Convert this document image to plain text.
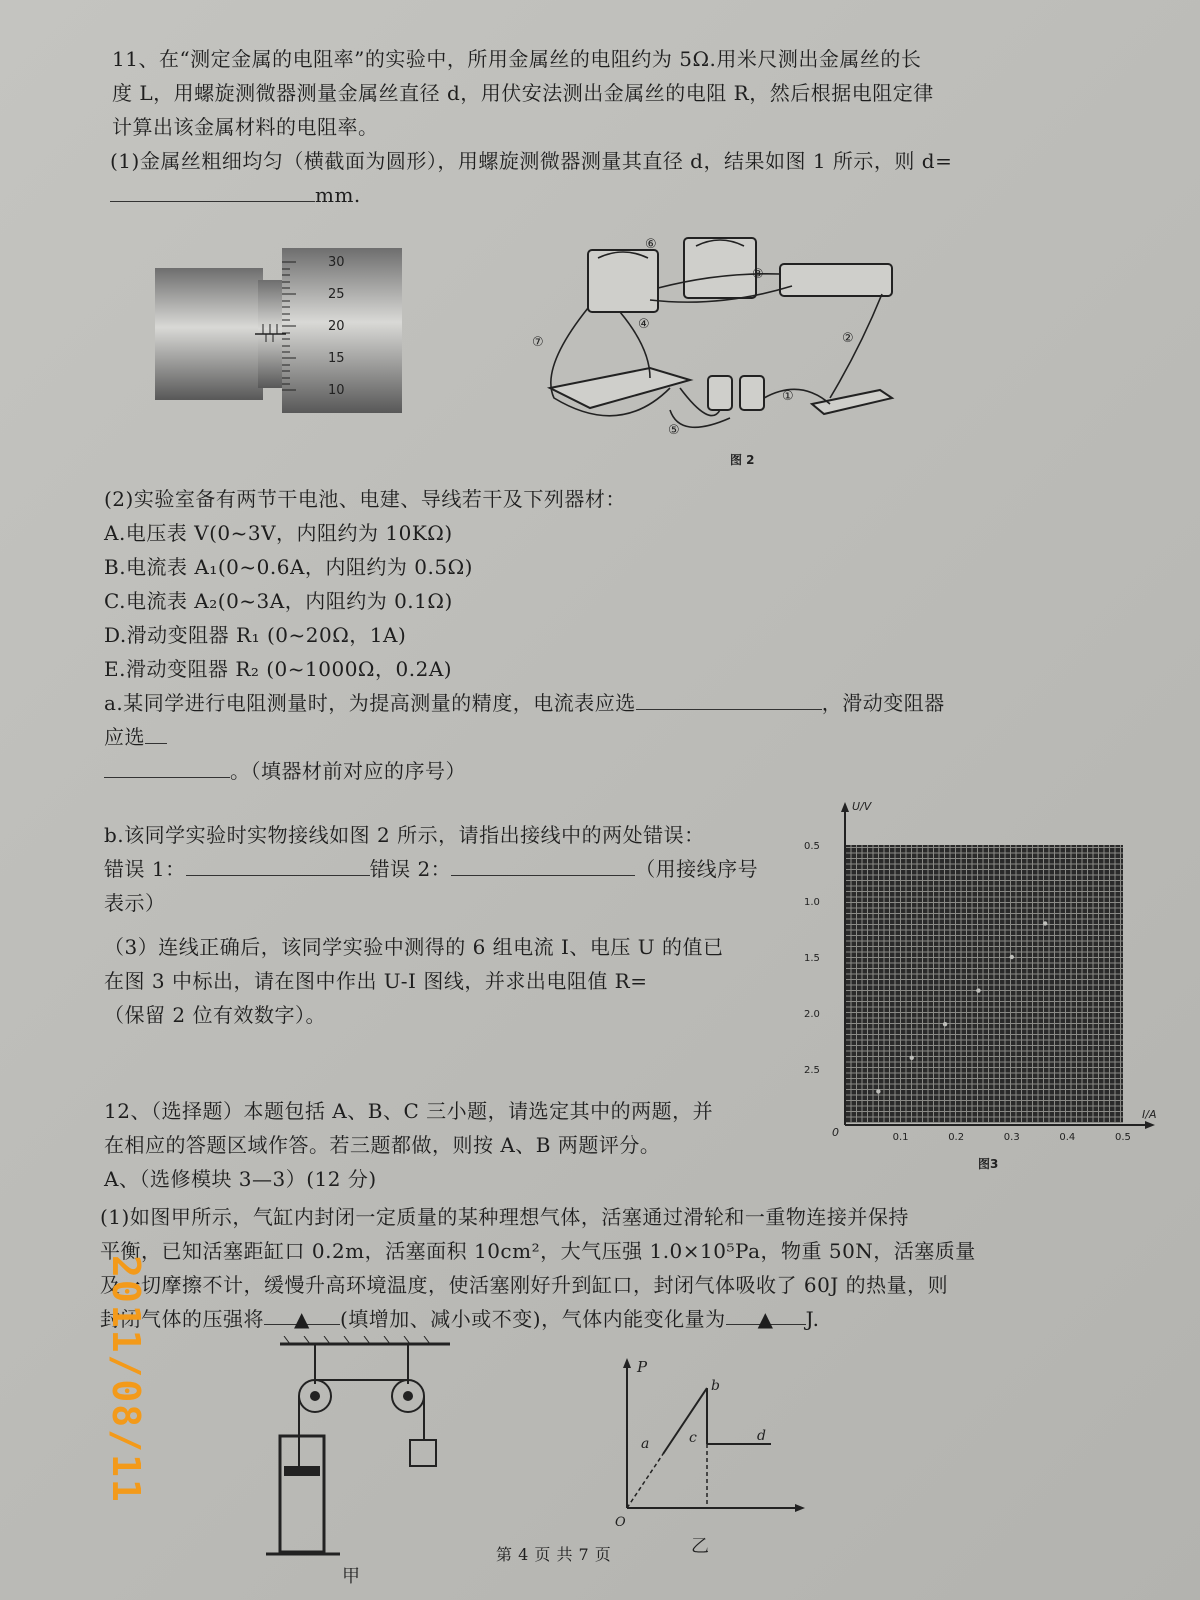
11、在“测定金属的电阻率”的实验中，所用金属丝的电阻约为 5Ω.用米尺测出金属丝的长
度 L，用螺旋测微器测量金属丝直径 d，用伏安法测出金属丝的电阻 R，然后根据电阻定律
计算出该金属材料的电阻率。
(1)金属丝粗细均匀（横截面为圆形），用螺旋测微器测量其直径 d，结果如图 1 所示，则 d=
mm.
30
25
20
15
10
⑥
③
⑦
④
②
①
⑤
图 2
(2)实验室备有两节干电池、电建、导线若干及下列器材：
A.电压表 V(0~3V，内阻约为 10KΩ)
B.电流表 A₁(0~0.6A，内阻约为 0.5Ω)
C.电流表 A₂(0~3A，内阻约为 0.1Ω)
D.滑动变阻器 R₁ (0~20Ω，1A)
E.滑动变阻器 R₂ (0~1000Ω，0.2A)
a.某同学进行电阻测量时，为提高测量的精度，电流表应选	，滑动变阻器
应选
。（填器材前对应的序号）
b.该同学实验时实物接线如图 2 所示，请指出接线中的两处错误：
错误 1：	错误 2：	（用接线序号
表示）
（3）连线正确后，该同学实验中测得的 6 组电流 I、电压 U 的值已
在图 3 中标出，请在图中作出 U-I 图线，并求出电阻值 R=
（保留 2 位有效数字）。
U/V
I/A
0
2.5
2.0
1.5
1.0
0.5
0.1	0.2	0.3	0.4	0.5
图3
12、（选择题）本题包括 A、B、C 三小题，请选定其中的两题，并
在相应的答题区域作答。若三题都做，则按 A、B 两题评分。
A、（选修模块 3—3）(12 分)
(1)如图甲所示，气缸内封闭一定质量的某种理想气体，活塞通过滑轮和一重物连接并保持
平衡，已知活塞距缸口 0.2m，活塞面积 10cm²，大气压强 1.0×10⁵Pa，物重 50N，活塞质量
及一切摩擦不计，缓慢升高环境温度，使活塞刚好升到缸口，封闭气体吸收了 60J 的热量，则
封闭气体的压强将 ▲ (填增加、减小或不变)，气体内能变化量为 ▲ J.
甲
P
O
a
b
c	d
乙
第 4 页 共 7 页
2011/08/11
